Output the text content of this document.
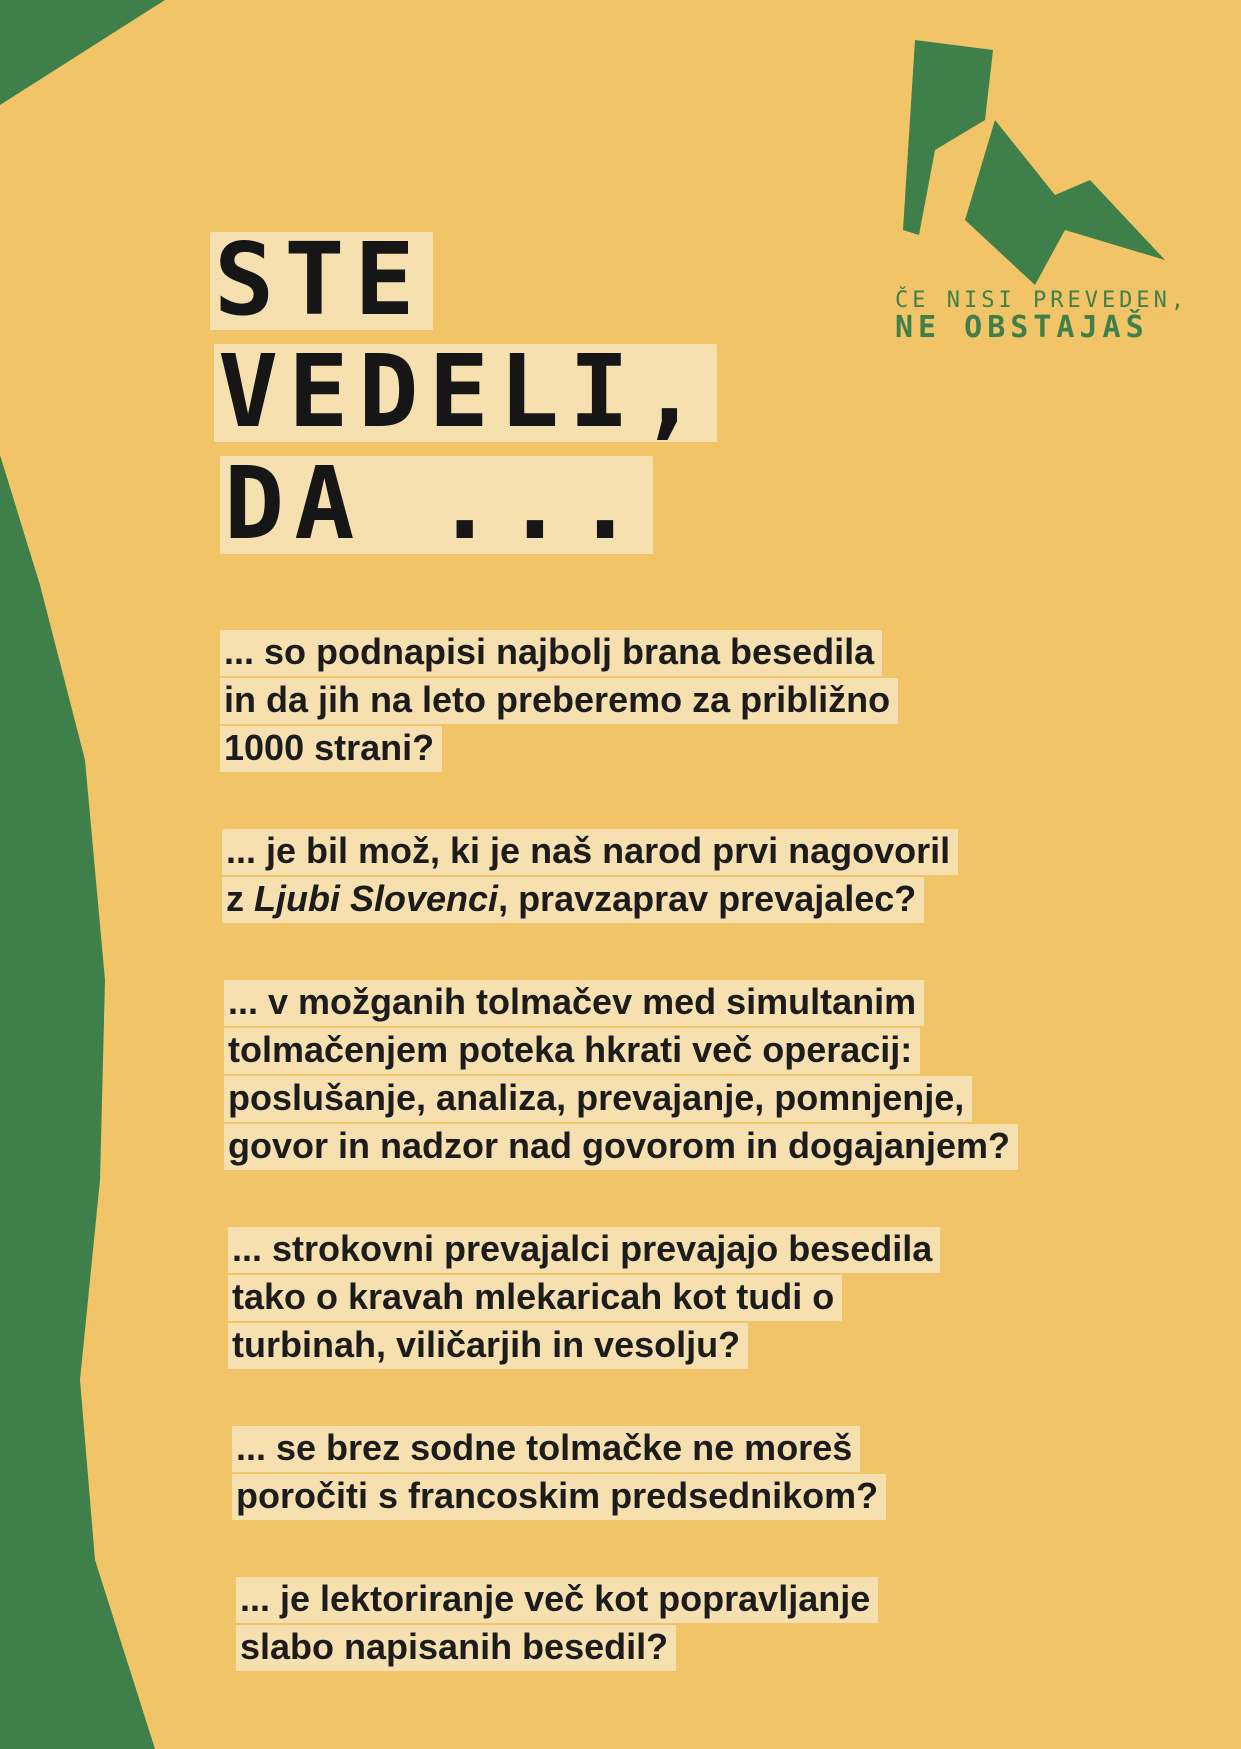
ČE NISI PREVEDEN,
NE OBSTAJAŠ
STE
VEDELI,
DA ...
... so podnapisi najbolj brana besedila
in da jih na leto preberemo za približno
1000 strani?
... je bil mož, ki je naš narod prvi nagovoril
z Ljubi Slovenci, pravzaprav prevajalec?
... v možganih tolmačev med simultanim
tolmačenjem poteka hkrati več operacij:
poslušanje, analiza, prevajanje, pomnjenje,
govor in nadzor nad govorom in dogajanjem?
... strokovni prevajalci prevajajo besedila
tako o kravah mlekaricah kot tudi o
turbinah, viličarjih in vesolju?
... se brez sodne tolmačke ne moreš
poročiti s francoskim predsednikom?
... je lektoriranje več kot popravljanje
slabo napisanih besedil?
